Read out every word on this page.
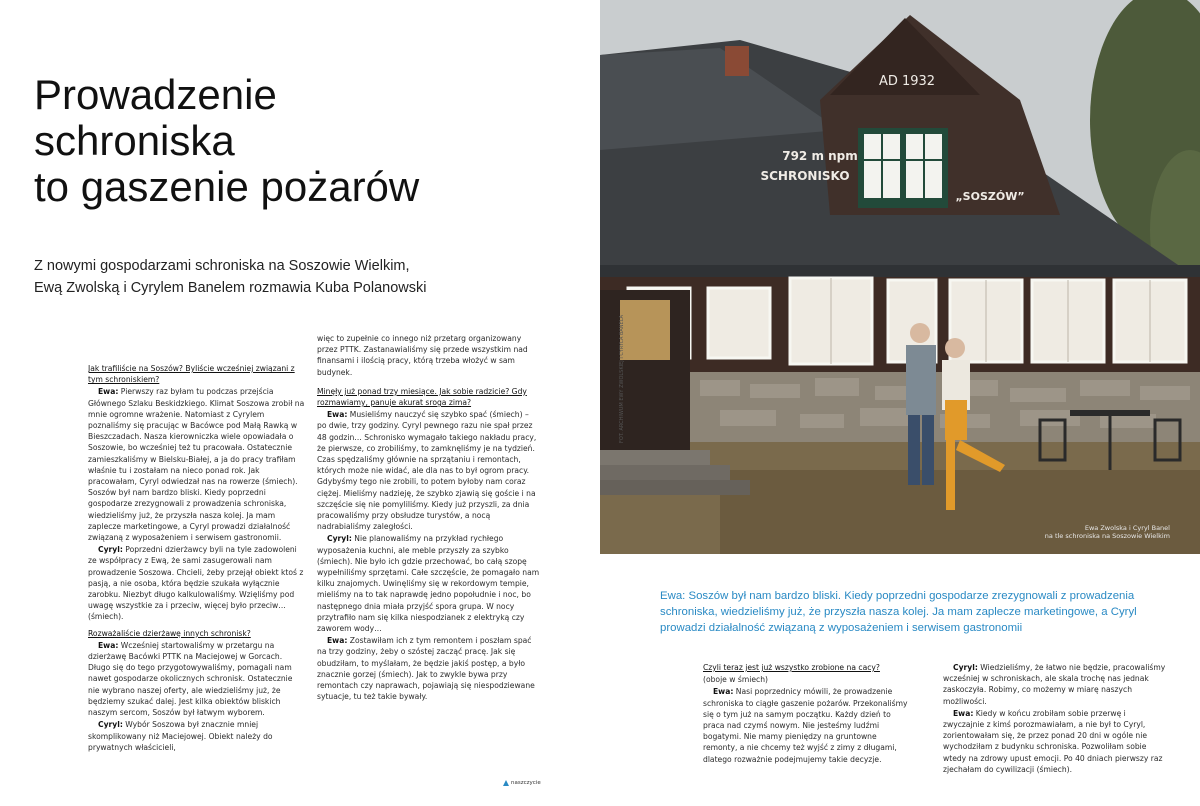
Prowadzenie
schroniska
to gaszenie pożarów

Z nowymi gospodarzami schroniska na Soszowie Wielkim,
Ewą Zwolską i Cyrylem Banelem rozmawia Kuba Polanowski

Jak trafiliście na Soszów? Byliście wcześniej związani z tym schroniskiem?

Ewa: Pierwszy raz byłam tu podczas przejścia Głównego Szlaku Beskidzkiego. Klimat Soszowa zrobił na mnie ogromne wrażenie. Natomiast z Cyrylem poznaliśmy się pracując w Bacówce pod Małą Rawką w Bieszczadach. Nasza kierowniczka wiele opowiadała o Soszowie, bo wcześniej też tu pracowała. Ostatecznie zamieszkaliśmy w Bielsku-Białej, a ja do pracy trafiłam właśnie tu i zostałam na nieco ponad rok. Jak pracowałam, Cyryl odwiedzał nas na rowerze (śmiech). Soszów był nam bardzo bliski. Kiedy poprzedni gospodarze zrezygnowali z prowadzenia schroniska, wiedzieliśmy już, że przyszła nasza kolej. Ja mam zaplecze marketingowe, a Cyryl prowadzi działalność związaną z wyposażeniem i serwisem gastronomii.

Cyryl: Poprzedni dzierżawcy byli na tyle zadowoleni ze współpracy z Ewą, że sami zasugerowali nam prowadzenie Soszowa. Chcieli, żeby przejął obiekt ktoś z pasją, a nie osoba, która będzie szukała wyłącznie zarobku. Niezbyt długo kalkulowaliśmy. Wzięliśmy pod uwagę wszystkie za i przeciw, więcej było przeciw… (śmiech).

Rozważaliście dzierżawę innych schronisk?

Ewa: Wcześniej startowaliśmy w przetargu na dzierżawę Bacówki PTTK na Maciejowej w Gorcach. Długo się do tego przygotowywaliśmy, pomagali nam nawet gospodarze okolicznych schronisk. Ostatecznie nie wybrano naszej oferty, ale wiedzieliśmy już, że będziemy szukać dalej. Jest kilka obiektów bliskich naszym sercom, Soszów był łatwym wyborem.

Cyryl: Wybór Soszowa był znacznie mniej skomplikowany niż Maciejowej. Obiekt należy do prywatnych właścicieli,

więc to zupełnie co innego niż przetarg organizowany przez PTTK. Zastanawialiśmy się przede wszystkim nad finansami i ilością pracy, którą trzeba włożyć w sam budynek.

Minęły już ponad trzy miesiące. Jak sobie radzicie? Gdy rozmawiamy, panuje akurat sroga zima?

Ewa: Musieliśmy nauczyć się szybko spać (śmiech) – po dwie, trzy godziny. Cyryl pewnego razu nie spał przez 48 godzin… Schronisko wymagało takiego nakładu pracy, że pierwsze, co zrobiliśmy, to zamknęliśmy je na tydzień. Czas spędzaliśmy głównie na sprzątaniu i remontach, których może nie widać, ale dla nas to był ogrom pracy. Gdybyśmy tego nie zrobili, to potem byłoby nam coraz ciężej. Mieliśmy nadzieję, że szybko zjawią się goście i na szczęście się nie pomyliliśmy. Kiedy już przyszli, za dnia pracowaliśmy przy obsłudze turystów, a nocą nadrabialiśmy zaległości.

Cyryl: Nie planowaliśmy na przykład rychłego wyposażenia kuchni, ale meble przyszły za szybko (śmiech). Nie było ich gdzie przechować, bo całą szopę wypełniliśmy sprzętami. Całe szczęście, że pomagało nam kilku znajomych. Uwinęliśmy się w rekordowym tempie, mieliśmy na to tak naprawdę jedno popołudnie i noc, bo następnego dnia miała przyjść spora grupa. W nocy przytrafiło nam się kilka niespodzianek z elektryką czy zaworem wody…

Ewa: Zostawiłam ich z tym remontem i poszłam spać na trzy godziny, żeby o szóstej zacząć pracę. Jak się obudziłam, to myślałam, że będzie jakiś postęp, a było znacznie gorzej (śmiech). Jak to zwykle bywa przy remontach czy naprawach, pojawiają się niespodziewane sytuacje, tu też takie bywały.

AD 1932
792 m npm
SCHRONISKO
„SOSZÓW”
FOT. ARCHIWUM EWY ZWOLSKIEJ I CYRYLA BANELA
Ewa Zwolska i Cyryl Banel
na tle schroniska na Soszowie Wielkim

Ewa: Soszów był nam bardzo bliski. Kiedy poprzedni gospodarze zrezygnowali z prowadzenia schroniska, wiedzieliśmy już, że przyszła nasza kolej. Ja mam zaplecze marketingowe, a Cyryl prowadzi działalność związaną z wyposażeniem i serwisem gastronomii

Czyli teraz jest już wszystko zrobione na cacy?

(oboje w śmiech)

Ewa: Nasi poprzednicy mówili, że prowadzenie schroniska to ciągłe gaszenie pożarów. Przekonaliśmy się o tym już na samym początku. Każdy dzień to praca nad czymś nowym. Nie jesteśmy ludźmi bogatymi. Nie mamy pieniędzy na gruntowne remonty, a nie chcemy też wyjść z zimy z długami, dlatego rozważnie podejmujemy takie decyzje.

Cyryl: Wiedzieliśmy, że łatwo nie będzie, pracowaliśmy wcześniej w schroniskach, ale skala trochę nas jednak zaskoczyła. Robimy, co możemy w miarę naszych możliwości.

Ewa: Kiedy w końcu zrobiłam sobie przerwę i zwyczajnie z kimś porozmawiałam, a nie był to Cyryl, zorientowałam się, że przez ponad 20 dni w ogóle nie wychodziłam z budynku schroniska. Pozwoliłam sobie wtedy na zdrowy upust emocji. Po 40 dniach pierwszy raz zjechałam do cywilizacji (śmiech).

naszczycie
